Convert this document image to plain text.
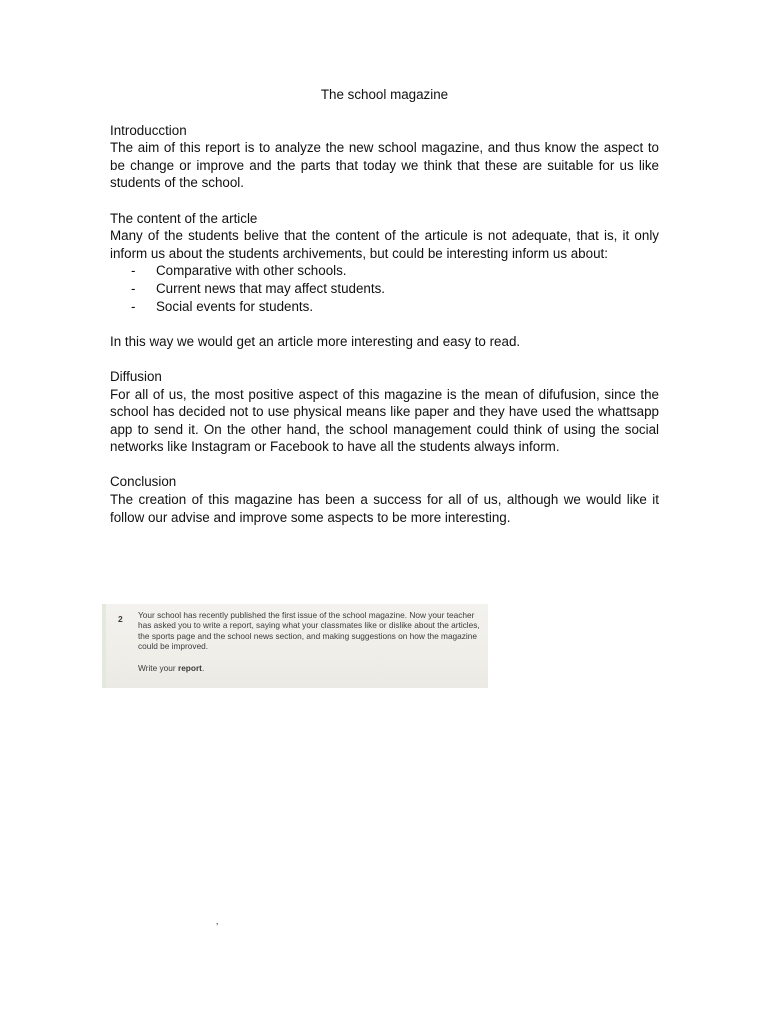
The school magazine

Introducction

The aim of this report is to analyze the new school magazine, and thus know the aspect to be change or improve and the parts that today we think that these are suitable for us like students of the school.

The content of the article

Many of the students belive that the content of the articule is not adequate, that is, it only inform us about the students archivements, but could be interesting inform us about:

- Comparative with other schools.
- Current news that may affect students.
- Social events for students.

In this way we would get an article more interesting and easy to read.

Diffusion

For all of us, the most positive aspect of this magazine is the mean of difufusion, since the school has decided not to use physical means like paper and they have used the whattsapp app to send it. On the other hand, the school management could think of using the social networks like Instagram or Facebook to have all the students always inform.

Conclusion

The creation of this magazine has been a success for all of us, although we would like it follow our advise and improve some aspects to be more interesting.

2 Your school has recently published the first issue of the school magazine. Now your teacher has asked you to write a report, saying what your classmates like or dislike about the articles, the sports page and the school news section, and making suggestions on how the magazine could be improved.
Write your report.
’
